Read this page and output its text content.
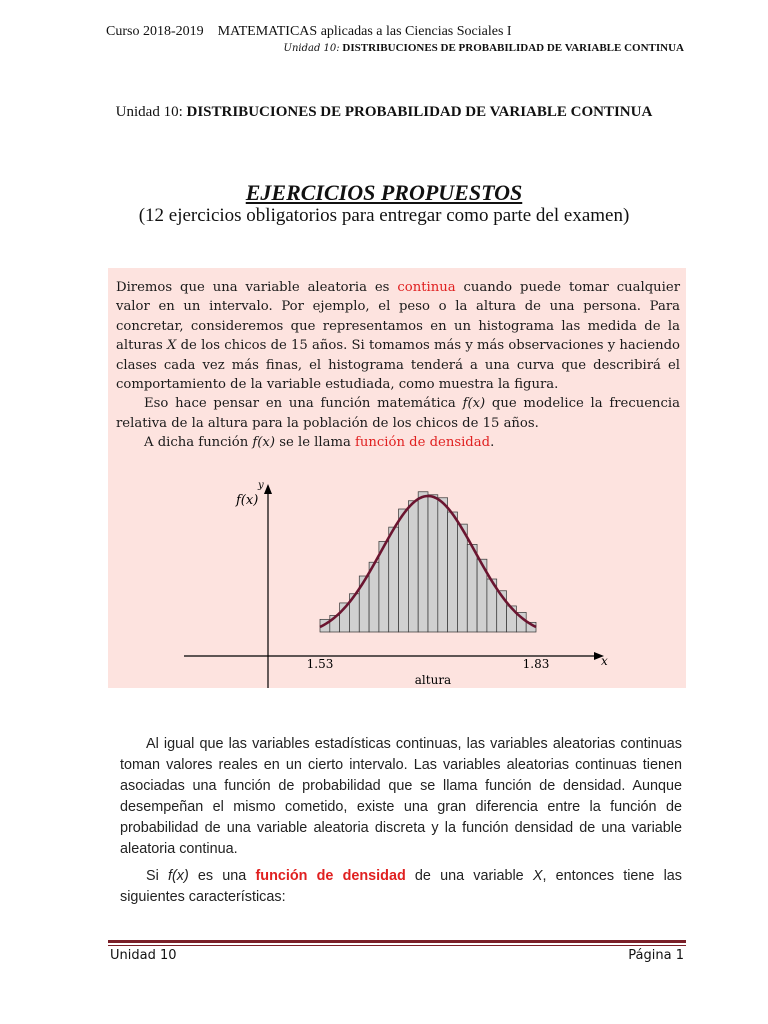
Curso 2018-2019 MATEMATICAS aplicadas a las Ciencias Sociales I
Unidad 10: DISTRIBUCIONES DE PROBABILIDAD DE VARIABLE CONTINUA
Unidad 10: DISTRIBUCIONES DE PROBABILIDAD DE VARIABLE CONTINUA
EJERCICIOS PROPUESTOS
(12 ejercicios obligatorios para entregar como parte del examen)

Diremos que una variable aleatoria es continua cuando puede tomar cualquier valor en un intervalo. Por ejemplo, el peso o la altura de una persona. Para concretar, consideremos que representamos en un histograma las medida de la alturas X de los chicos de 15 años. Si tomamos más y más observaciones y haciendo clases cada vez más finas, el histograma tenderá a una curva que describirá el comportamiento de la variable estudiada, como muestra la figura.

Eso hace pensar en una función matemática f(x) que modelice la frecuencia relativa de la altura para la población de los chicos de 15 años.

A dicha función f(x) se le llama función de densidad.

f(x)
y
x
1.53	1.83
altura

Al igual que las variables estadísticas continuas, las variables aleatorias continuas toman valores reales en un cierto intervalo. Las variables aleatorias continuas tienen asociadas una función de probabilidad que se llama función de densidad. Aunque desempeñan el mismo cometido, existe una gran diferencia entre la función de probabilidad de una variable aleatoria discreta y la función densidad de una variable aleatoria continua.

Si f(x) es una función de densidad de una variable X, entonces tiene las siguientes características:

Unidad 10	Página 1
